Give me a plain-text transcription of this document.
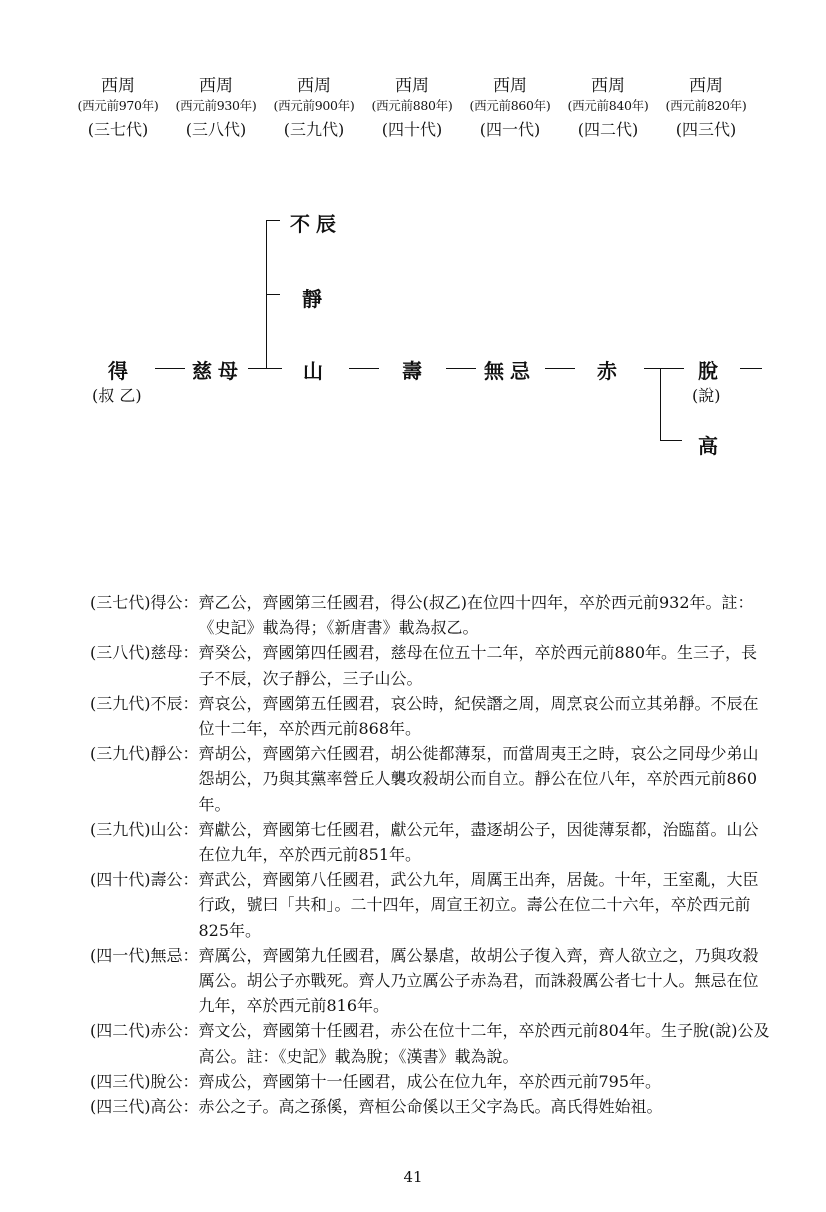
西周
(西元前970年)
(三七代)
西周
(西元前930年)
(三八代)
西周
(西元前900年)
(三九代)
西周
(西元前880年)
(四十代)
西周
(西元前860年)
(四一代)
西周
(西元前840年)
(四二代)
西周
(西元前820年)
(四三代)
得
(叔 乙)
慈母
不辰
靜
山	壽	無忌	赤	脫
(說)
高
(三七代)得公： 齊乙公，齊國第三任國君，得公(叔乙)在位四十四年，卒於西元前932年。註：《史記》載為得；《新唐書》載為叔乙。
(三八代)慈母： 齊癸公，齊國第四任國君，慈母在位五十二年，卒於西元前880年。生三子，長子不辰，次子靜公，三子山公。
(三九代)不辰： 齊哀公，齊國第五任國君，哀公時，紀侯譖之周，周烹哀公而立其弟靜。不辰在位十二年，卒於西元前868年。
(三九代)靜公： 齊胡公，齊國第六任國君，胡公徙都薄泵，而當周夷王之時，哀公之同母少弟山怨胡公，乃與其黨率營丘人襲攻殺胡公而自立。靜公在位八年，卒於西元前860年。
(三九代)山公： 齊獻公，齊國第七任國君，獻公元年，盡逐胡公子，因徙薄泵都，治臨菑。山公在位九年，卒於西元前851年。
(四十代)壽公： 齊武公，齊國第八任國君，武公九年，周厲王出奔，居彘。十年，王室亂，大臣行政，號曰「共和」。二十四年，周宣王初立。壽公在位二十六年，卒於西元前825年。
(四一代)無忌： 齊厲公，齊國第九任國君，厲公暴虐，故胡公子復入齊，齊人欲立之，乃與攻殺厲公。胡公子亦戰死。齊人乃立厲公子赤為君，而誅殺厲公者七十人。無忌在位九年，卒於西元前816年。
(四二代)赤公： 齊文公，齊國第十任國君，赤公在位十二年，卒於西元前804年。生子脫(說)公及高公。註：《史記》載為脫；《漢書》載為說。
(四三代)脫公： 齊成公，齊國第十一任國君，成公在位九年，卒於西元前795年。
(四三代)高公： 赤公之子。高之孫傒，齊桓公命傒以王父字為氏。高氏得姓始祖。
41
